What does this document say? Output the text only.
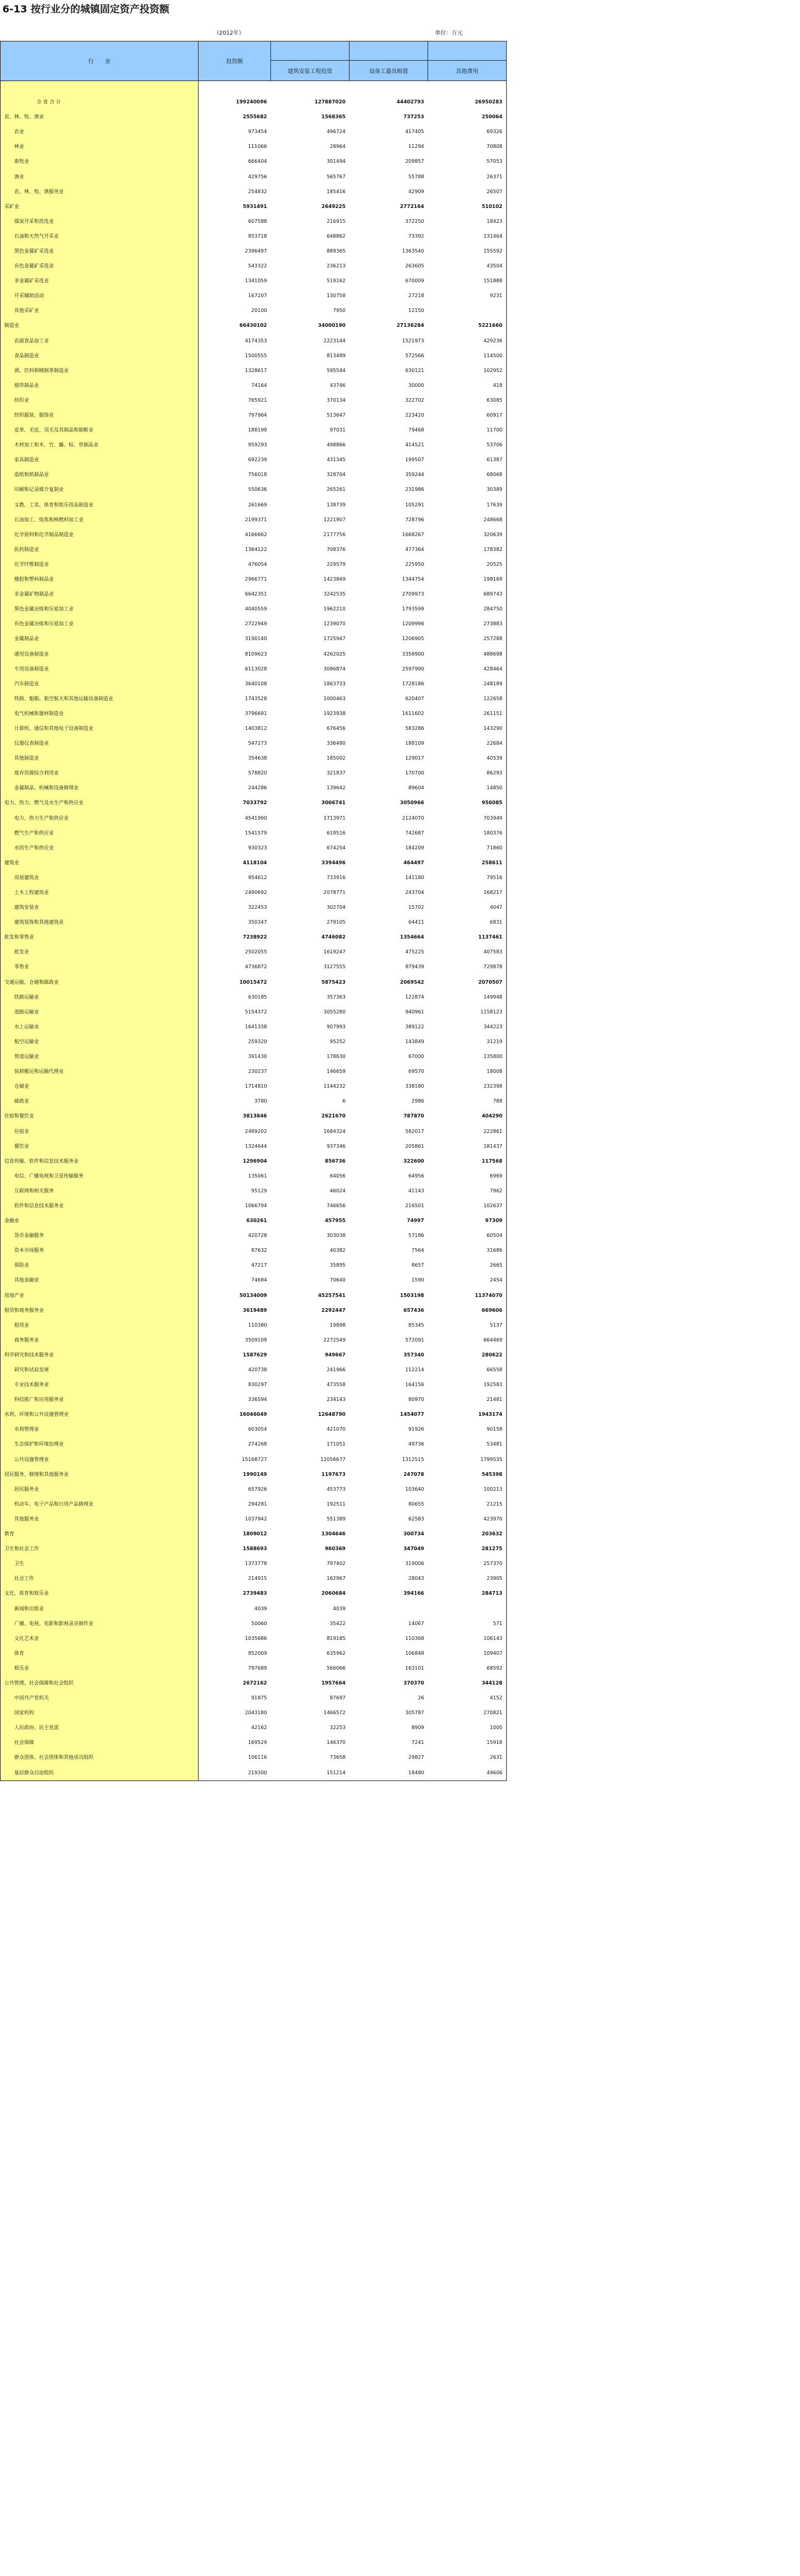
6-13 按行业分的城镇固定资产投资额
（2012年）	单位：万元
行　　业	投资额			

		建筑安装工程投资	设备工器具购置	其他费用

全 省 合 计	199240096	127887020	44402793	26950283
农、林、牧、渔业	2555682	1568365	737253	250064
农业	973454	496724	417405	69326
林业	111066	28964	11294	70808
畜牧业	666404	301494	209857	57053
渔业	429756	565767	55788	26371
农、林、牧、渔服务业	254832	185416	42909	26507
采矿业	5931491	2649225	2772164	510102
煤炭开采和洗选业	607588	216915	372250	18423
石油和天然气开采业	853718	648862	73392	131464
黑色金属矿采选业	2396497	889365	1363540	155592
有色金属矿采选业	543322	236213	263605	43504
非金属矿采选业	1341059	519162	670009	151888
开采辅助活动	167207	130758	27218	9231
其他采矿业	20100	7950	12150	
制造业	66430102	34000190	27136284	5221660
农副食品加工业	4174353	2223144	1521973	429236
食品制造业	1500555	813489	572566	114500
酒、饮料和精制茶制造业	1328617	595544	630121	102952
烟草制品业	74164	43746	30000	418
纺织业	765921	370134	322702	63085
纺织服装、服饰业	797964	513647	223420	60917
皮革、毛皮、羽毛及其制品和制鞋业	188199	97031	79468	11700
木材加工和木、竹、藤、棕、草制品业	959293	498866	414521	53706
家具制造业	692239	431345	199507	61387
造纸和纸制品业	756018	328704	359244	68068
印刷和记录媒介复制业	550636	265261	231986	30389
文教、工美、体育和娱乐用品制造业	261669	138739	105291	17639
石油加工、炼焦和核燃料加工业	2199371	1221907	728796	248668
化学原料和化学制品制造业	4166662	2177756	1668267	320639
医药制造业	1364122	708376	477364	178382
化学纤维制造业	476054	229579	225950	20525
橡胶和塑料制品业	2966771	1423849	1344754	198169
非金属矿物制品业	6642351	3242535	2709973	689743
黑色金属冶炼和压延加工业	4040559	1962210	1793599	284750
有色金属冶炼和压延加工业	2722949	1239070	1209996	273883
金属制品业	3190140	1725947	1206905	257288
通用设备制造业	8109623	4262025	3358900	488698
专用设备制造业	6113028	3086874	2597990	428464
汽车制造业	3640108	1863733	1728186	248189
铁路、船舶、航空航天和其他运输设备制造业	1743528	1000463	620407	122658
电气机械和器材制造业	3796691	1923938	1611602	261151
计算机、通信和其他电子设备制造业	1403812	676456	583286	143290
仪器仪表制造业	547273	336480	188109	22684
其他制造业	354638	185002	129017	40539
废弃资源综合利用业	578820	321837	170700	86293
金属制品、机械和设备修理业	244286	139642	89604	14850
电力、热力、燃气及水生产和供应业	7033792	3006741	3050966	956085
电力、热力生产和供应业	4541990	1713971	2124070	703949
燃气生产和供应业	1541579	618516	742687	180376
水的生产和供应业	930323	674254	184209	71860
建筑业	4118104	3394496	464497	258611
房屋建筑业	954612	733916	141180	79516
土木工程建筑业	2490692	2078771	243704	168217
建筑安装业	322453	302704	15702	4047
建筑装饰和其他建筑业	350347	279105	64411	6831
批发和零售业	7238922	4746082	1354664	1137461
批发业	2502055	1619247	475225	407583
零售业	4736872	3127555	879439	729878
交通运输、仓储和邮政业	10015472	5875423	2069542	2070507
铁路运输业	630185	357363	122874	149948
道路运输业	5154372	3055280	940961	1158123
水上运输业	1641338	907993	389122	344223
航空运输业	259320	95252	143849	31219
管道运输业	391430	178630	67000	135800
装卸搬运和运输代理业	230237	146659	69570	18008
仓储业	1714810	1144232	338180	232398
邮政业	3780	6	2986	788
住宿和餐饮业	3813846	2621670	787870	404290
住宿业	2489202	1684324	582017	222861
餐饮业	1324644	937346	205861	181437
信息传输、软件和信息技术服务业	1296904	856736	322600	117568
电信、广播电视和卫星传输服务	135061	64056	64956	6969
互联网和相关服务	95129	46024	41143	7962
软件和信息技术服务业	1066794	746656	216501	102637
金融业	630261	457955	74997	97309
货币金融服务	420728	303038	57186	60504
资本市场服务	87632	40382	7564	31686
保险业	47217	35895	8657	2665
其他金融业	74684	70640	1590	2454
房地产业	50134009	45257541	1503198	11374070
租赁和商务服务业	3619489	2292447	657436	669606
租赁业	110380	19898	85345	5137
商务服务业	3509109	2272549	572091	664469
科学研究和技术服务业	1587629	949667	357340	280622
研究和试验发展	420738	241966	112214	66558
专业技术服务业	830297	473558	164156	192583
科技推广和应用服务业	336594	234143	80970	21481
水利、环境和公共设施管理业	16046049	12648790	1454077	1943174
水利管理业	603054	421070	91926	90158
生态保护和环境治理业	274268	171051	49736	53481
公共设施管理业	15168727	12056677	1312515	1799535
居民服务、修理和其他服务业	1990149	1197673	247078	545398
居民服务业	657926	453773	103640	100213
机动车、电子产品和日用产品修理业	294281	192511	80655	21215
其他服务业	1037942	551389	62583	423970
教育	1809012	1304646	300734	203632
卫生和社会工作	1588693	960369	347049	281275
卫生	1373778	797402	319006	257370
社会工作	214915	162967	28043	23905
文化、体育和娱乐业	2739483	2060684	394166	284713
新闻和出版业	4039	4039		
广播、电视、电影和影视录音制作业	50060	35422	14067	571
文化艺术业	1035686	819185	110368	106143
体育	852009	635962	106848	109407
娱乐业	797689	566066	163101	68592
公共管理、社会保障和社会组织	2672162	1957664	370370	344128
中国共产党机关	91875	87697	26	4152
国家机构	2043180	1466572	305787	270821
人民政协、民主党派	42162	32253	8909	1000
社会保障	169529	146370	7241	15918
群众团体、社会团体和其他成员组织	106116	73658	29827	2631
基层群众自治组织	219300	151214	18480	49606
